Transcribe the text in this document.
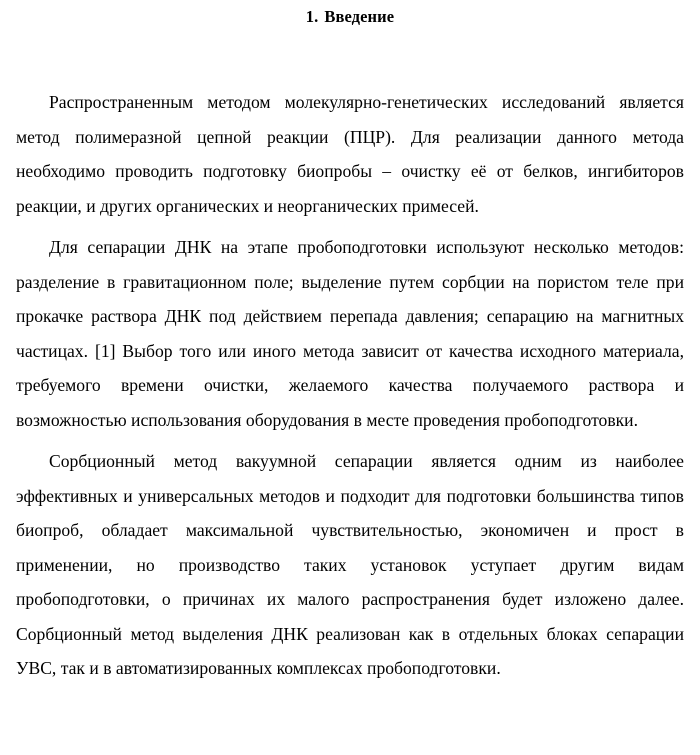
1. Введение

Распространенным методом молекулярно-генетических исследований является метод полимеразной цепной реакции (ПЦР). Для реализации данного метода необходимо проводить подготовку биопробы – очистку её от белков, ингибиторов реакции, и других органических и неорганических примесей.

Для сепарации ДНК на этапе пробоподготовки используют несколько методов: разделение в гравитационном поле; выделение путем сорбции на пористом теле при прокачке раствора ДНК под действием перепада давления; сепарацию на магнитных частицах. [1] Выбор того или иного метода зависит от качества исходного материала, требуемого времени очистки, желаемого качества получаемого раствора и возможностью использования оборудования в месте проведения пробоподготовки.

Сорбционный метод вакуумной сепарации является одним из наиболее эффективных и универсальных методов и подходит для подготовки большинства типов биопроб, обладает максимальной чувствительностью, экономичен и прост в применении, но производство таких установок уступает другим видам пробоподготовки, о причинах их малого распространения будет изложено далее. Сорбционный метод выделения ДНК реализован как в отдельных блоках сепарации УВС, так и в автоматизированных комплексах пробоподготовки.
